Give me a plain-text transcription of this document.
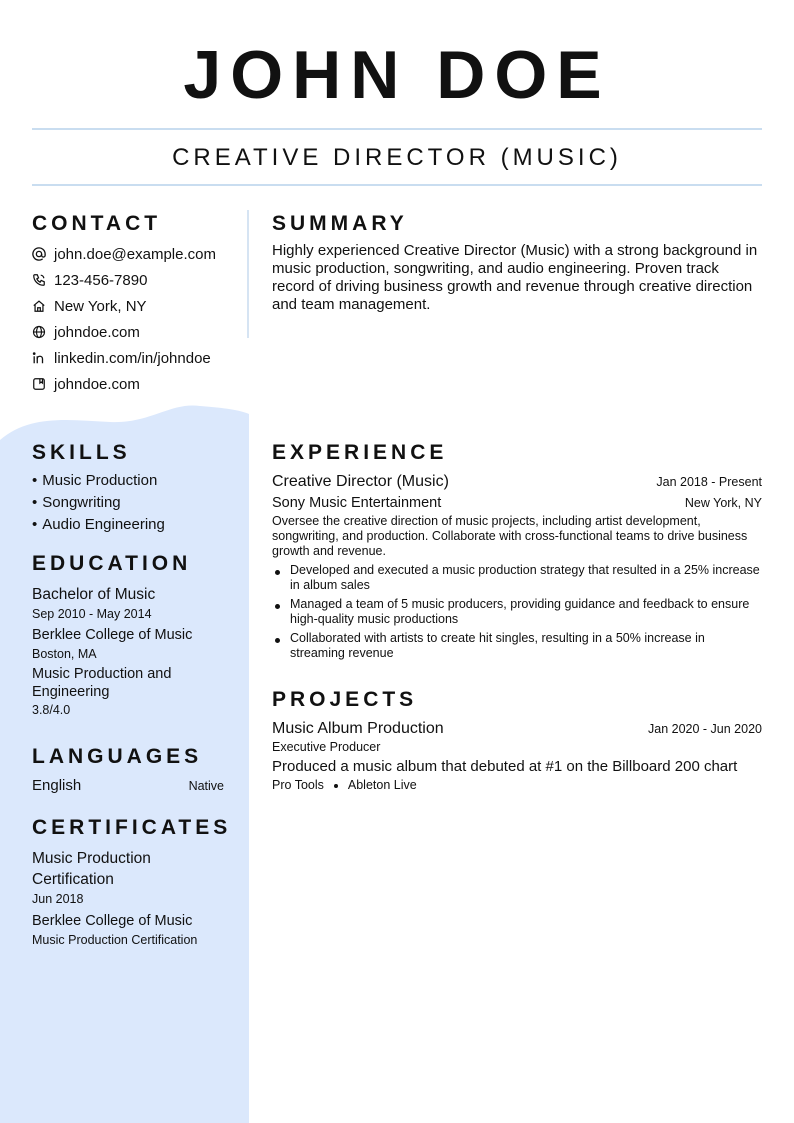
JOHN DOE
CREATIVE DIRECTOR (MUSIC)
CONTACT
john.doe@example.com
123-456-7890
New York, NY
johndoe.com
linkedin.com/in/johndoe
johndoe.com
SUMMARY

Highly experienced Creative Director (Music) with a strong background in music production, songwriting, and audio engineering. Proven track record of driving business growth and revenue through creative direction and team management.

SKILLS
• Music Production
• Songwriting
• Audio Engineering
EDUCATION
Bachelor of Music
Sep 2010 - May 2014
Berklee College of Music
Boston, MA
Music Production and Engineering
3.8/4.0
LANGUAGES
English	Native
CERTIFICATES
Music Production Certification
Jun 2018
Berklee College of Music
Music Production Certification
EXPERIENCE
Creative Director (Music)	Jan 2018 - Present
Sony Music Entertainment	New York, NY

Oversee the creative direction of music projects, including artist development, songwriting, and production. Collaborate with cross-functional teams to drive business growth and revenue.

Developed and executed a music production strategy that resulted in a 25% increase in album sales
Managed a team of 5 music producers, providing guidance and feedback to ensure high-quality music productions
Collaborated with artists to create hit singles, resulting in a 50% increase in streaming revenue
PROJECTS
Music Album Production	Jan 2020 - Jun 2020
Executive Producer
Produced a music album that debuted at #1 on the Billboard 200 chart
Pro Tools Ableton Live
